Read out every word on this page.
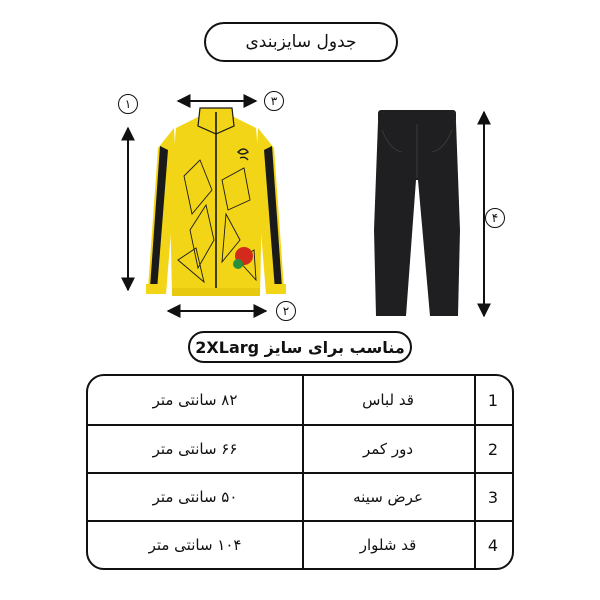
جدول سایزبندی
۱	۳
۲
۴
مناسب برای سایز 2XLarg
۸۲ سانتی متر	قد لباس	1
۶۶ سانتی متر	دور کمر	2
۵۰ سانتی متر	عرض سینه	3
۱۰۴ سانتی متر	قد شلوار	4
